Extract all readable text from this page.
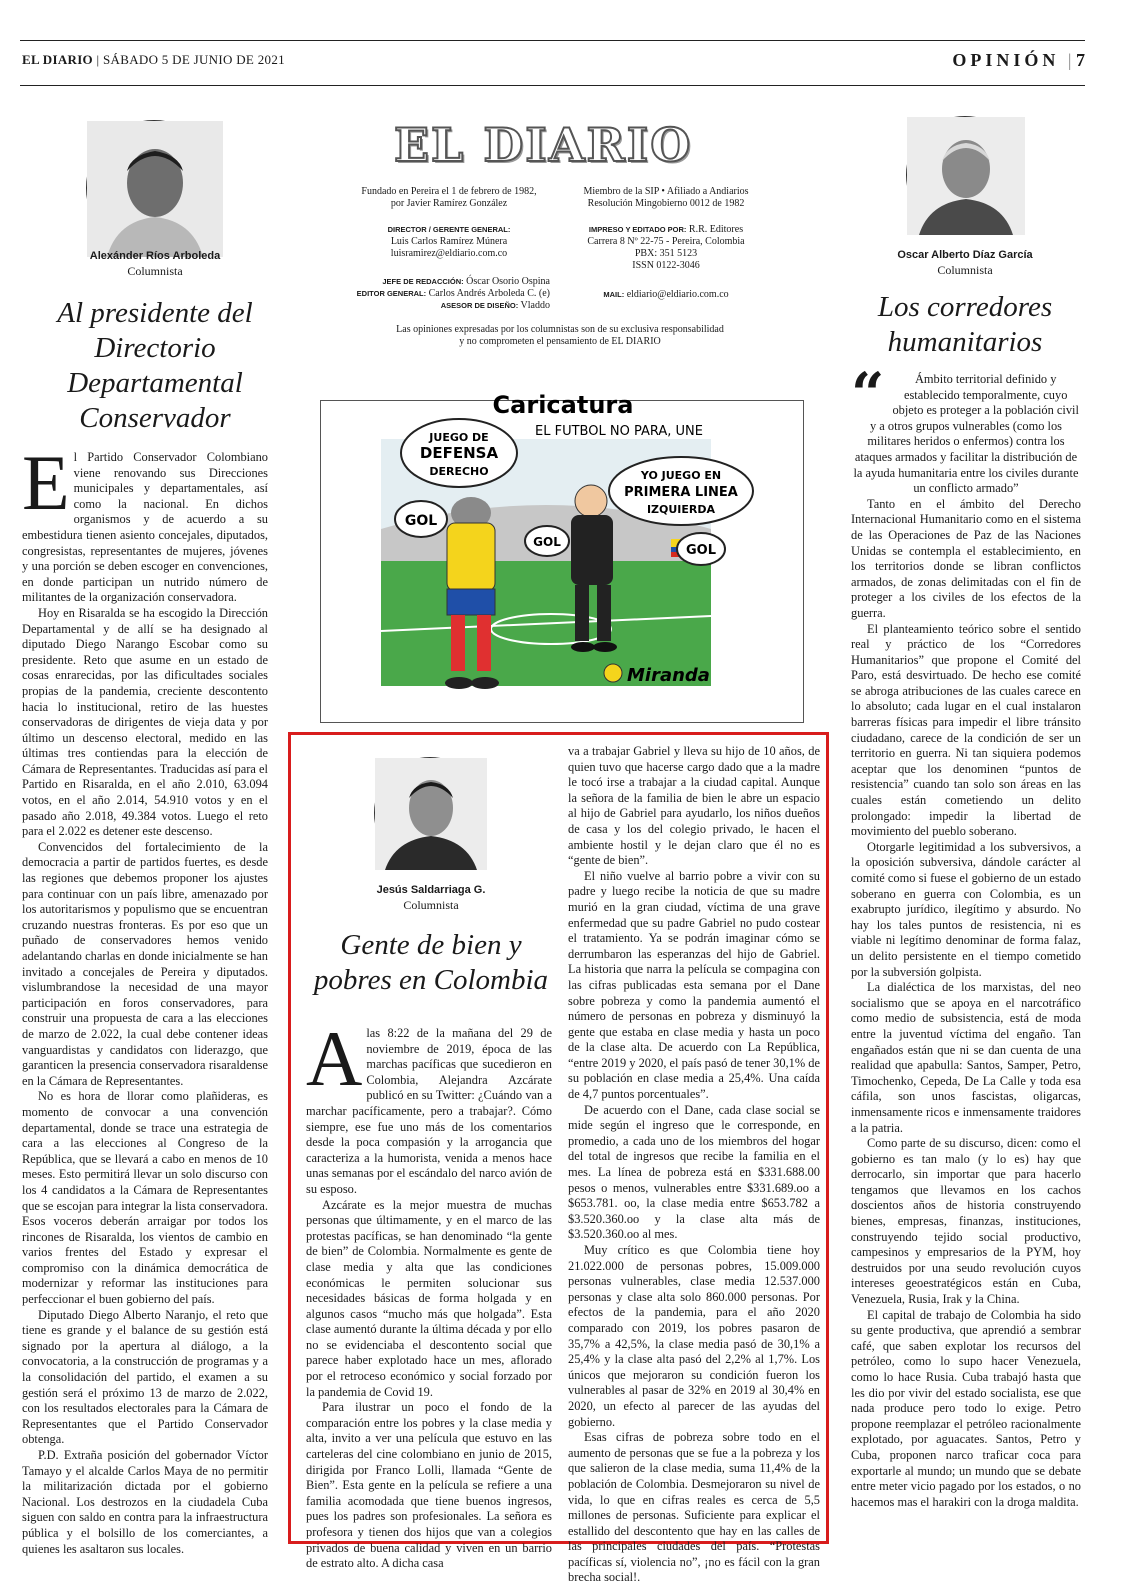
EL DIARIO | SÁBADO 5 DE JUNIO DE 2021	OPINIÓN | 7
Alexánder Ríos Arboleda
Columnista
Al presidente del
Directorio
Departamental
Conservador

El Partido Conservador Colombiano viene renovando sus Direcciones municipales y departamentales, así como la nacional. En dichos organismos y de acuerdo a su embestidura tienen asiento concejales, diputados, congresistas, representantes de mujeres, jóvenes y una porción se deben escoger en convenciones, en donde participan un nutrido número de militantes de la organización conservadora.

Hoy en Risaralda se ha escogido la Dirección Departamental y de allí se ha designado al diputado Diego Narango Escobar como su presidente. Reto que asume en un estado de cosas enrarecidas, por las dificultades sociales propias de la pandemia, creciente descontento hacia lo institucional, retiro de las huestes conservadoras de dirigentes de vieja data y por último un descenso electoral, medido en las últimas tres contiendas para la elección de Cámara de Representantes. Traducidas así para el Partido en Risaralda, en el año 2.010, 63.094 votos, en el año 2.014, 54.910 votos y en el pasado año 2.018, 49.384 votos. Luego el reto para el 2.022 es detener este descenso.

Convencidos del fortalecimiento de la democracia a partir de partidos fuertes, es desde las regiones que debemos proponer los ajustes para continuar con un país libre, amenazado por los autoritarismos y populismo que se encuentran cruzando nuestras fronteras. Es por eso que un puñado de conservadores hemos venido adelantando charlas en donde inicialmente se han invitado a concejales de Pereira y diputados. vislumbrandose la necesidad de una mayor participación en foros conservadores, para construir una propuesta de cara a las elecciones de marzo de 2.022, la cual debe contener ideas vanguardistas y candidatos con liderazgo, que garanticen la presencia conservadora risaraldense en la Cámara de Representantes.

No es hora de llorar como plañideras, es momento de convocar a una convención departamental, donde se trace una estrategia de cara a las elecciones al Congreso de la República, que se llevará a cabo en menos de 10 meses. Esto permitirá llevar un solo discurso con los 4 candidatos a la Cámara de Representantes que se escojan para integrar la lista conservadora. Esos voceros deberán arraigar por todos los rincones de Risaralda, los vientos de cambio en varios frentes del Estado y expresar el compromiso con la dinámica democrática de modernizar y reformar las instituciones para perfeccionar el buen gobierno del país.

Diputado Diego Alberto Naranjo, el reto que tiene es grande y el balance de su gestión está signado por la apertura al diálogo, a la convocatoria, a la construcción de programas y a la consolidación del partido, el examen a su gestión será el próximo 13 de marzo de 2.022, con los resultados electorales para la Cámara de Representantes que el Partido Conservador obtenga.

P.D. Extraña posición del gobernador Víctor Tamayo y el alcalde Carlos Maya de no permitir la militarización dictada por el gobierno Nacional. Los destrozos en la ciudadela Cuba siguen con saldo en contra para la infraestructura pública y el bolsillo de los comerciantes, a quienes les asaltaron sus locales.

EL DIARIO
Fundado en Pereira el 1 de febrero de 1982,
por Javier Ramírez González
Miembro de la SIP • Afiliado a Andiarios
Resolución Mingobierno 0012 de 1982
DIRECTOR / GERENTE GENERAL:
Luis Carlos Ramírez Múnera
luisramirez@eldiario.com.co
IMPRESO Y EDITADO POR: R.R. Editores
Carrera 8 Nº 22-75 - Pereira, Colombia
PBX: 351 5123
ISSN 0122-3046
JEFE DE REDACCIÓN: Óscar Osorio Ospina
EDITOR GENERAL: Carlos Andrés Arboleda C. (e)
ASESOR DE DISEÑO: Vladdo
MAIL: eldiario@eldiario.com.co
Las opiniones expresadas por los columnistas son de su exclusiva responsabilidad
y no comprometen el pensamiento de EL DIARIO
JUEGO DE
DEFENSA
DERECHO	YO JUEGO EN
PRIMERA LINEA
IZQUIERDA
GOL
GOL
GOL
Caricatura
EL FUTBOL NO PARA, UNE
Miranda
Oscar Alberto Díaz García
Columnista
Los corredores
humanitarios

“ Ámbito territorial definido y establecido temporalmente, cuyo objeto es proteger a la población civil y a otros grupos vulnerables (como los militares heridos o enfermos) contra los ataques armados y facilitar la distribución de la ayuda humanitaria entre los civiles durante un conflicto armado”

Tanto en el ámbito del Derecho Internacional Humanitario como en el sistema de las Operaciones de Paz de las Naciones Unidas se contempla el establecimiento, en los territorios donde se libran conflictos armados, de zonas delimitadas con el fin de proteger a los civiles de los efectos de la guerra.

El planteamiento teórico sobre el sentido real y práctico de los “Corredores Humanitarios” que propone el Comité del Paro, está desvirtuado. De hecho ese comité se abroga atribuciones de las cuales carece en lo absoluto; cada lugar en el cual instalaron barreras físicas para impedir el libre tránsito ciudadano, carece de la condición de ser un territorio en guerra. Ni tan siquiera podemos aceptar que los denominen “puntos de resistencia” cuando tan solo son áreas en las cuales están cometiendo un delito prolongado: impedir la libertad de movimiento del pueblo soberano.

Otorgarle legitimidad a los subversivos, a la oposición subversiva, dándole carácter al comité como si fuese el gobierno de un estado soberano en guerra con Colombia, es un exabrupto jurídico, ilegítimo y absurdo. No hay los tales puntos de resistencia, ni es viable ni legítimo denominar de forma falaz, un delito persistente en el tiempo cometido por la subversión golpista.

La dialéctica de los marxistas, del neo socialismo que se apoya en el narcotráfico como medio de subsistencia, está de moda entre la juventud víctima del engaño. Tan engañados están que ni se dan cuenta de una realidad que apabulla: Santos, Samper, Petro, Timochenko, Cepeda, De La Calle y toda esa cáfila, son unos fascistas, oligarcas, inmensamente ricos e inmensamente traidores a la patria.

Como parte de su discurso, dicen: como el gobierno es tan malo (y lo es) hay que derrocarlo, sin importar que para hacerlo tengamos que llevamos en los cachos doscientos años de historia construyendo bienes, empresas, finanzas, instituciones, construyendo tejido social productivo, campesinos y empresarios de la PYM, hoy destruidos por una seudo revolución cuyos intereses geoestratégicos están en Cuba, Venezuela, Rusia, Irak y la China.

El capital de trabajo de Colombia ha sido su gente productiva, que aprendió a sembrar café, que saben explotar los recursos del petróleo, como lo supo hacer Venezuela, como lo hace Rusia. Cuba trabajó hasta que les dio por vivir del estado socialista, ese que nada produce pero todo lo exige. Petro propone reemplazar el petróleo racionalmente explotado, por aguacates. Santos, Petro y Cuba, proponen narco traficar coca para exportarle al mundo; un mundo que se debate entre meter vicio pagado por los estados, o no hacemos mas el harakiri con la droga maldita.

Jesús Saldarriaga G.
Columnista
Gente de bien y
pobres en Colombia

Alas 8:22 de la mañana del 29 de noviembre de 2019, época de las marchas pacíficas que sucedieron en Colombia, Alejandra Azcárate publicó en su Twitter: ¿Cuándo van a marchar pacíficamente, pero a trabajar?. Cómo siempre, ese fue uno más de los comentarios desde la poca compasión y la arrogancia que caracteriza a la humorista, venida a menos hace unas semanas por el escándalo del narco avión de su esposo.

Azcárate es la mejor muestra de muchas personas que últimamente, y en el marco de las protestas pacíficas, se han denominado “la gente de bien” de Colombia. Normalmente es gente de clase media y alta que las condiciones económicas le permiten solucionar sus necesidades básicas de forma holgada y en algunos casos “mucho más que holgada”. Esta clase aumentó durante la última década y por ello no se evidenciaba el descontento social que parece haber explotado hace un mes, aflorado por el retroceso económico y social forzado por la pandemia de Covid 19.

Para ilustrar un poco el fondo de la comparación entre los pobres y la clase media y alta, invito a ver una película que estuvo en las carteleras del cine colombiano en junio de 2015, dirigida por Franco Lolli, llamada “Gente de Bien”. Esta gente en la película se refiere a una familia acomodada que tiene buenos ingresos, pues los padres son profesionales. La señora es profesora y tienen dos hijos que van a colegios privados de buena calidad y viven en un barrio de estrato alto. A dicha casa

va a trabajar Gabriel y lleva su hijo de 10 años, de quien tuvo que hacerse cargo dado que a la madre le tocó irse a trabajar a la ciudad capital. Aunque la señora de la familia de bien le abre un espacio al hijo de Gabriel para ayudarlo, los niños dueños de casa y los del colegio privado, le hacen el ambiente hostil y le dejan claro que él no es “gente de bien”.

El niño vuelve al barrio pobre a vivir con su padre y luego recibe la noticia de que su madre murió en la gran ciudad, víctima de una grave enfermedad que su padre Gabriel no pudo costear el tratamiento. Ya se podrán imaginar cómo se derrumbaron las esperanzas del hijo de Gabriel. La historia que narra la película se compagina con las cifras publicadas esta semana por el Dane sobre pobreza y como la pandemia aumentó el número de personas en pobreza y disminuyó la gente que estaba en clase media y hasta un poco de la clase alta. De acuerdo con La República, “entre 2019 y 2020, el país pasó de tener 30,1% de su población en clase media a 25,4%. Una caída de 4,7 puntos porcentuales”.

De acuerdo con el Dane, cada clase social se mide según el ingreso que le corresponde, en promedio, a cada uno de los miembros del hogar del total de ingresos que recibe la familia en el mes. La línea de pobreza está en $331.688.00 pesos o menos, vulnerables entre $331.689.oo a $653.781. oo, la clase media entre $653.782 a $3.520.360.oo y la clase alta más de $3.520.360.oo al mes.

Muy crítico es que Colombia tiene hoy 21.022.000 de personas pobres, 15.009.000 personas vulnerables, clase media 12.537.000 personas y clase alta solo 860.000 personas. Por efectos de la pandemia, para el año 2020 comparado con 2019, los pobres pasaron de 35,7% a 42,5%, la clase media pasó de 30,1% a 25,4% y la clase alta pasó del 2,2% al 1,7%. Los únicos que mejoraron su condición fueron los vulnerables al pasar de 32% en 2019 al 30,4% en 2020, un efecto al parecer de las ayudas del gobierno.

Esas cifras de pobreza sobre todo en el aumento de personas que se fue a la pobreza y los que salieron de la clase media, suma 11,4% de la población de Colombia. Desmejoraron su nivel de vida, lo que en cifras reales es cerca de 5,5 millones de personas. Suficiente para explicar el estallido del descontento que hay en las calles de las principales ciudades del país. “Protestas pacíficas sí, violencia no”, ¡no es fácil con la gran brecha social!.
